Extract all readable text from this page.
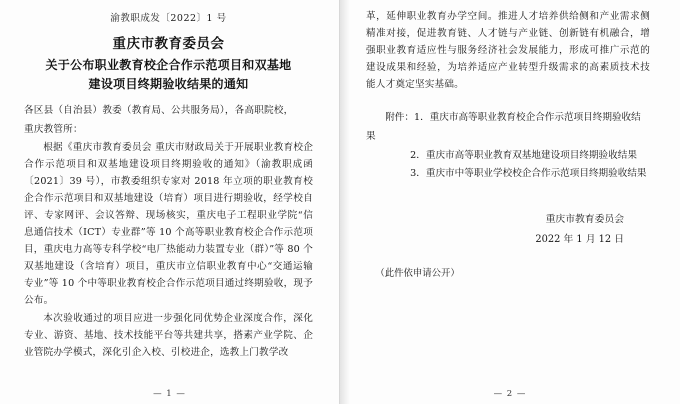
渝教职成发〔2022〕1 号
重庆市教育委员会
关于公布职业教育校企合作示范项目和双基地
建设项目终期验收结果的通知

各区县（自治县）教委（教育局、公共服务局），各高职院校，

重庆教管所：

根据《重庆市教育委员会 重庆市财政局关于开展职业教育校企合作示范项目和双基地建设项目终期验收的通知》（渝教职成函〔2021〕39 号），市教委组织专家对 2018 年立项的职业教育校企合作示范项目和双基地建设（培育）项目进行期验收，经学校自评、专家网评、会议答辩、现场核实，重庆电子工程职业学院“信息通信技术（ICT）专业群”等 10 个高等职业教育校企合作示范项目，重庆电力高等专科学校“电厂热能动力装置专业（群）”等 80 个双基地建设（含培育）项目，重庆市立信职业教育中心“交通运输专业”等 10 个中等职业教育校企合作示范项目通过终期验收，现予公布。

本次验收通过的项目应进一步强化同优势企业深度合作，深化专业、游资、基地、技术技能平台等共建共享，搭素产业学院、企业管院办学模式，深化引企入校、引校进企，选教上门教学改

— 1 —
革，延伸职业教育办学空间。推进人才培养供给侧和产业需求侧精准对接，促进教育链、人才链与产业链、创新链有机融合，增强职业教育适应性与服务经济社会发展能力，形成可推广示范的建设成果和经验，为培养适应产业转型升级需求的高素质技术技能人才奠定坚实基础。
附件：1．重庆市高等职业教育校企合作示范项目终期验收结果
2．重庆市高等职业教育双基地建设项目终期验收结果
3．重庆市中等职业学校校企合作示范项目终期验收结果
重庆市教育委员会
2022 年 1 月 12 日
（此件依申请公开）
— 2 —
